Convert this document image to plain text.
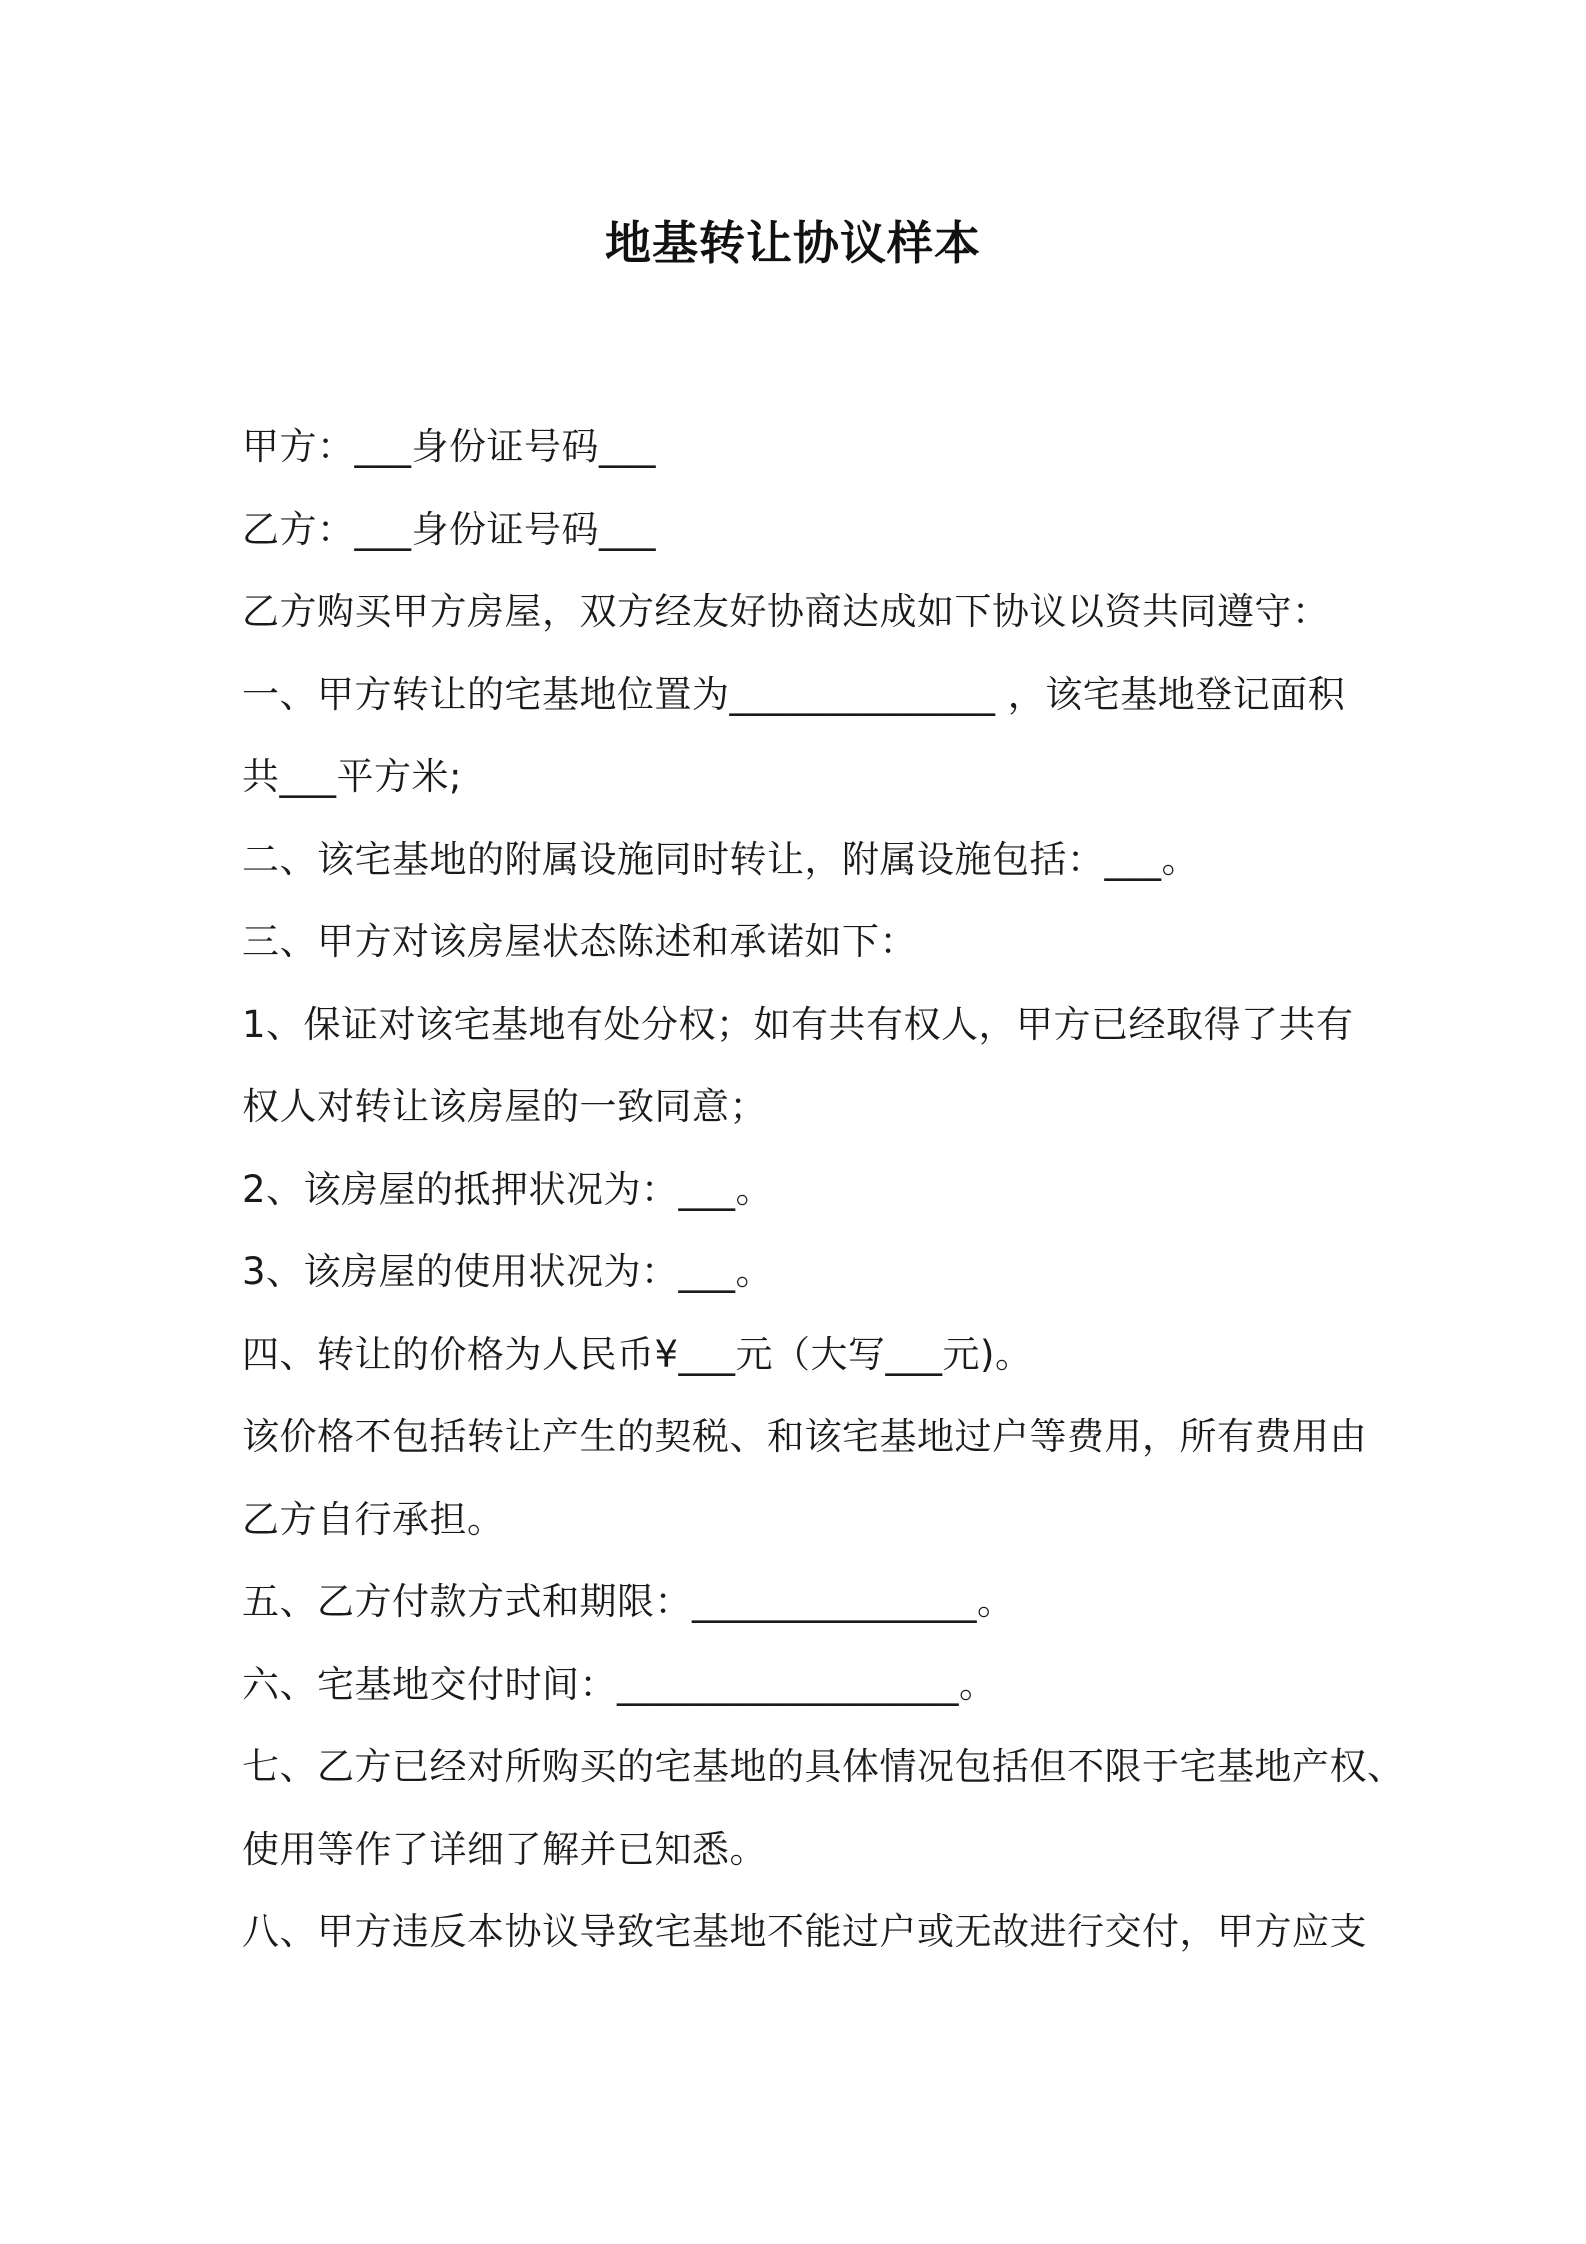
地基转让协议样本
甲方：___身份证号码___
乙方：___身份证号码___
乙方购买甲方房屋，双方经友好协商达成如下协议以资共同遵守：
一、甲方转让的宅基地位置为______________ ，该宅基地登记面积
共___平方米;
二、该宅基地的附属设施同时转让，附属设施包括：___。
三、甲方对该房屋状态陈述和承诺如下：
1、保证对该宅基地有处分权；如有共有权人，甲方已经取得了共有
权人对转让该房屋的一致同意；
2、该房屋的抵押状况为：___。
3、该房屋的使用状况为：___。
四、转让的价格为人民币¥___元（大写___元)。
该价格不包括转让产生的契税、和该宅基地过户等费用，所有费用由
乙方自行承担。
五、乙方付款方式和期限：_______________。
六、宅基地交付时间：__________________。
七、乙方已经对所购买的宅基地的具体情况包括但不限于宅基地产权、
使用等作了详细了解并已知悉。
八、甲方违反本协议导致宅基地不能过户或无故进行交付，甲方应支
